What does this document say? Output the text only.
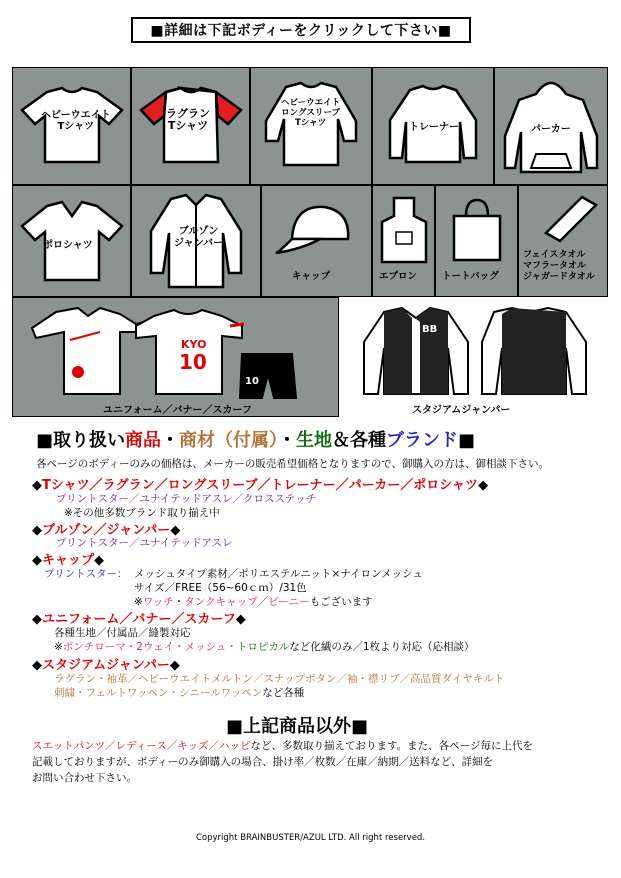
■詳細は下記ボディーをクリックして下さい■
ヘビーウエイト
Tシャツ
ラグラン
Tシャツ
ヘビーウエイト
ロングスリーブ
Tシャツ	トレーナー	パーカー
ポロシャツ
ブルゾン
ジャンバー
キャップ	エプロン	トートバッグ
フェイスタオル
マフラータオル
ジャガードタオル
KYO
10
10
ユニフォーム／バナー／スカーフ
BB
スタジアムジャンパー
■取り扱い商品・商材（付属）・生地＆各種ブランド■
各ページのボディーのみの価格は、メーカーの販売希望価格となりますので、御購入の方は、御相談下さい。
◆Tシャツ／ラグラン／ロングスリーブ／トレーナー／パーカー／ポロシャツ◆
プリントスター／ユナイテッドアスレ／クロスステッチ
※その他多数ブランド取り揃え中
◆ブルゾン／ジャンパー◆
プリントスター／ユナイテッドアスレ
◆キャップ◆
プリントスター： メッシュタイプ素材／ポリエステルニット×ナイロンメッシュ
サイズ／FREE（56~60ｃｍ）/31色
※ワッチ・タンクキャップ／ビーニーもございます
◆ユニフォーム／バナー／スカーフ◆
各種生地／付属品／縫製対応
※ポンチローマ・2ウェイ・メッシュ・トロピカルなど化繊のみ／1枚より対応（応相談）
◆スタジアムジャンパー◆
ラグラン・袖革／ヘビーウエイトメルトン／スナップボタン／袖・襟リブ／高品質ダイヤキルト
刺繍・フェルトワッペン・シニールワッペンなど各種
■上記商品以外■
スエットパンツ／レディース／キッズ／ハッピなど、多数取り揃えております。また、各ページ毎に上代を
記載しておりますが、ボディーのみ御購入の場合、掛け率／枚数／在庫／納期／送料など、詳細を
お問い合わせ下さい。
Copyright BRAINBUSTER/AZUL LTD. All right reserved.
